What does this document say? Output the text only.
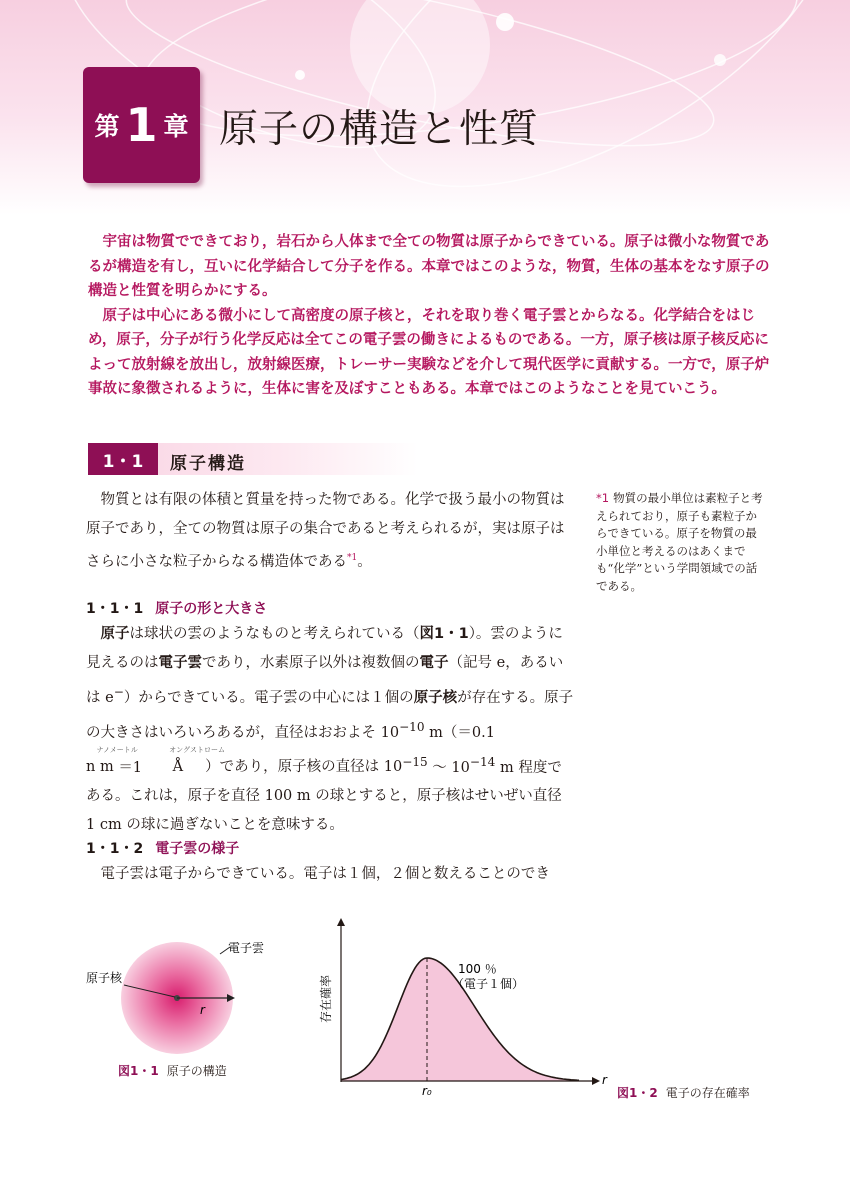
第 1 章 原子の構造と性質

宇宙は物質でできており，岩石から人体まで全ての物質は原子からできている。原子は微小な物質であるが構造を有し，互いに化学結合して分子を作る。本章ではこのような，物質，生体の基本をなす原子の構造と性質を明らかにする。

原子は中心にある微小にして高密度の原子核と，それを取り巻く電子雲とからなる。化学結合をはじめ，原子，分子が行う化学反応は全てこの電子雲の働きによるものである。一方，原子核は原子核反応によって放射線を放出し，放射線医療，トレーサー実験などを介して現代医学に貢献する。一方で，原子炉事故に象徴されるように，生体に害を及ぼすこともある。本章ではこのようなことを見ていこう。

1・1	原子構造

物質とは有限の体積と質量を持った物である。化学で扱う最小の物質は原子であり，全ての物質は原子の集合であると考えられるが，実は原子はさらに小さな粒子からなる構造体である$^{*1}$。

*1 物質の最小単位は素粒子と考えられており，原子も素粒子からできている。原子を物質の最小単位と考えるのはあくまでも“化学”という学問領域での話である。
1・1・1 原子の形と大きさ

原子は球状の雲のようなものと考えられている（図1・1）。雲のように見えるのは電子雲であり，水素原子以外は複数個の電子（記号 e，あるいは e−）からできている。電子雲の中心には１個の原子核が存在する。原子の大きさはいろいろあるが，直径はおおよそ $10^{-10}$ m（＝0.1

ナノメートル
n m ＝1
オングストローム
Å ）であり，原子核の直径は $10^{-15}$ ～ $10^{-14}$ m 程度である。これは，原子を直径 100 m の球とすると，原子核はせいぜい直径 1 cm の球に過ぎないことを意味する。

1・1・2 電子雲の様子

電子雲は電子からできている。電子は１個，２個と数えることのでき

電子雲
原子核
r
図1・1 原子の構造
r₀
r
存在確率
100 ％
（電子１個）
図1・2 電子の存在確率
